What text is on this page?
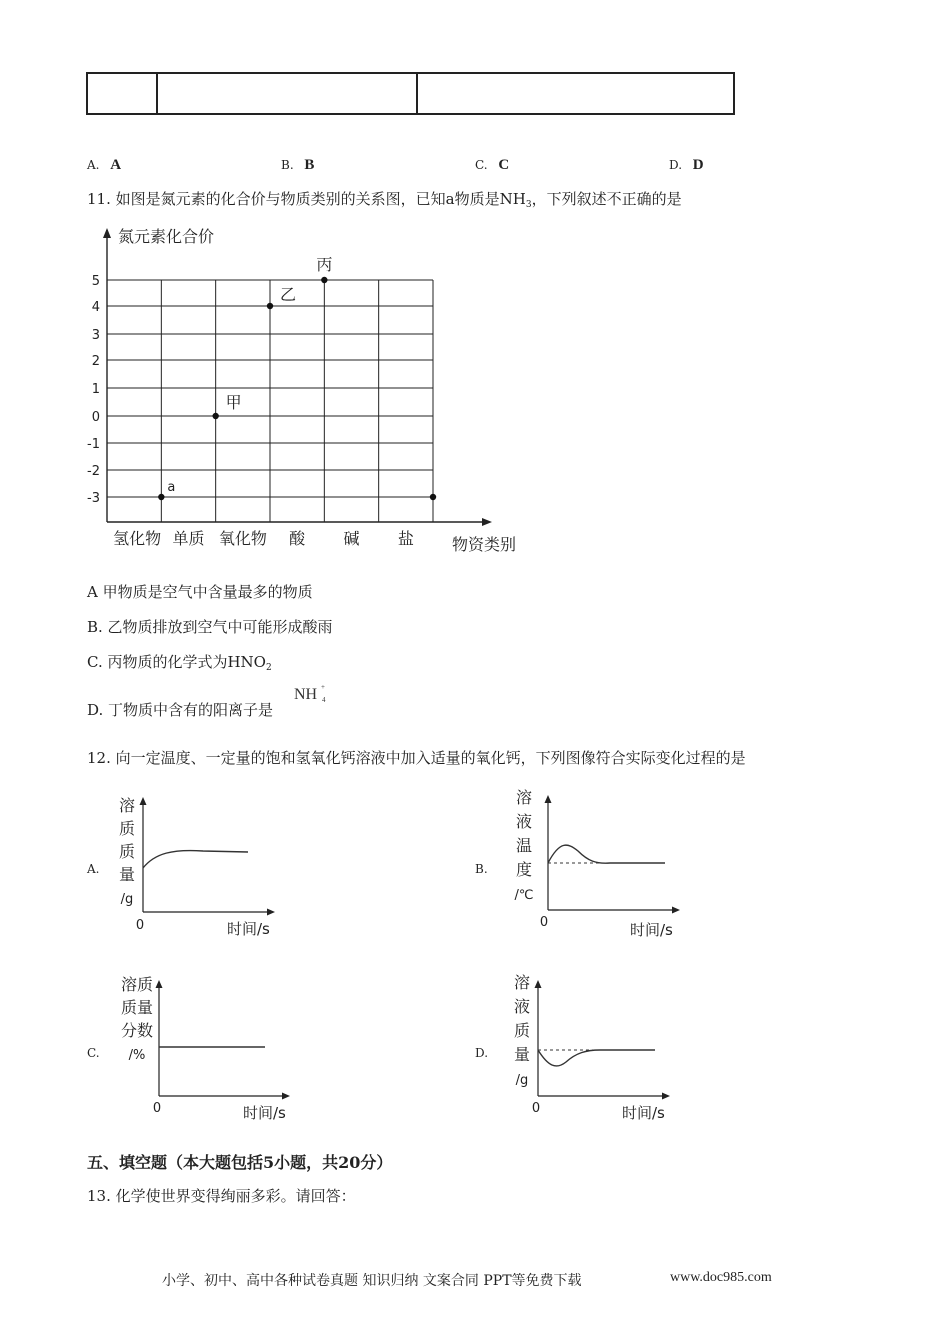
A. A	B. B	C. C	D. D
11. 如图是氮元素的化合价与物质类别的关系图，已知a物质是$NH_3$，下列叙述不正确的是
氮元素化合价
物资类别
5
4
3
2
1
0
-1
-2
-3
氢化物 单质 氧化物 酸 碱 盐
a
甲
乙
丙
A 甲物质是空气中含量最多的物质
B. 乙物质排放到空气中可能形成酸雨
C. 丙物质的化学式为$HNO_2$
D. 丁物质中含有的阳离子是
NH +
4
12. 向一定温度、一定量的饱和氢氧化钙溶液中加入适量的氧化钙，下列图像符合实际变化过程的是
A.
溶
质
质
量
/g
0	时间/s
B.
溶
液
温
度
/℃
0	时间/s
C.
溶质
质量
分数
/%
0	时间/s
D.
溶
液
质
量
/g
0	时间/s
五、填空题（本大题包括5小题，共20分）
13. 化学使世界变得绚丽多彩。请回答：
小学、初中、高中各种试卷真题 知识归纳 文案合同 PPT等免费下载	www.doc985.com
